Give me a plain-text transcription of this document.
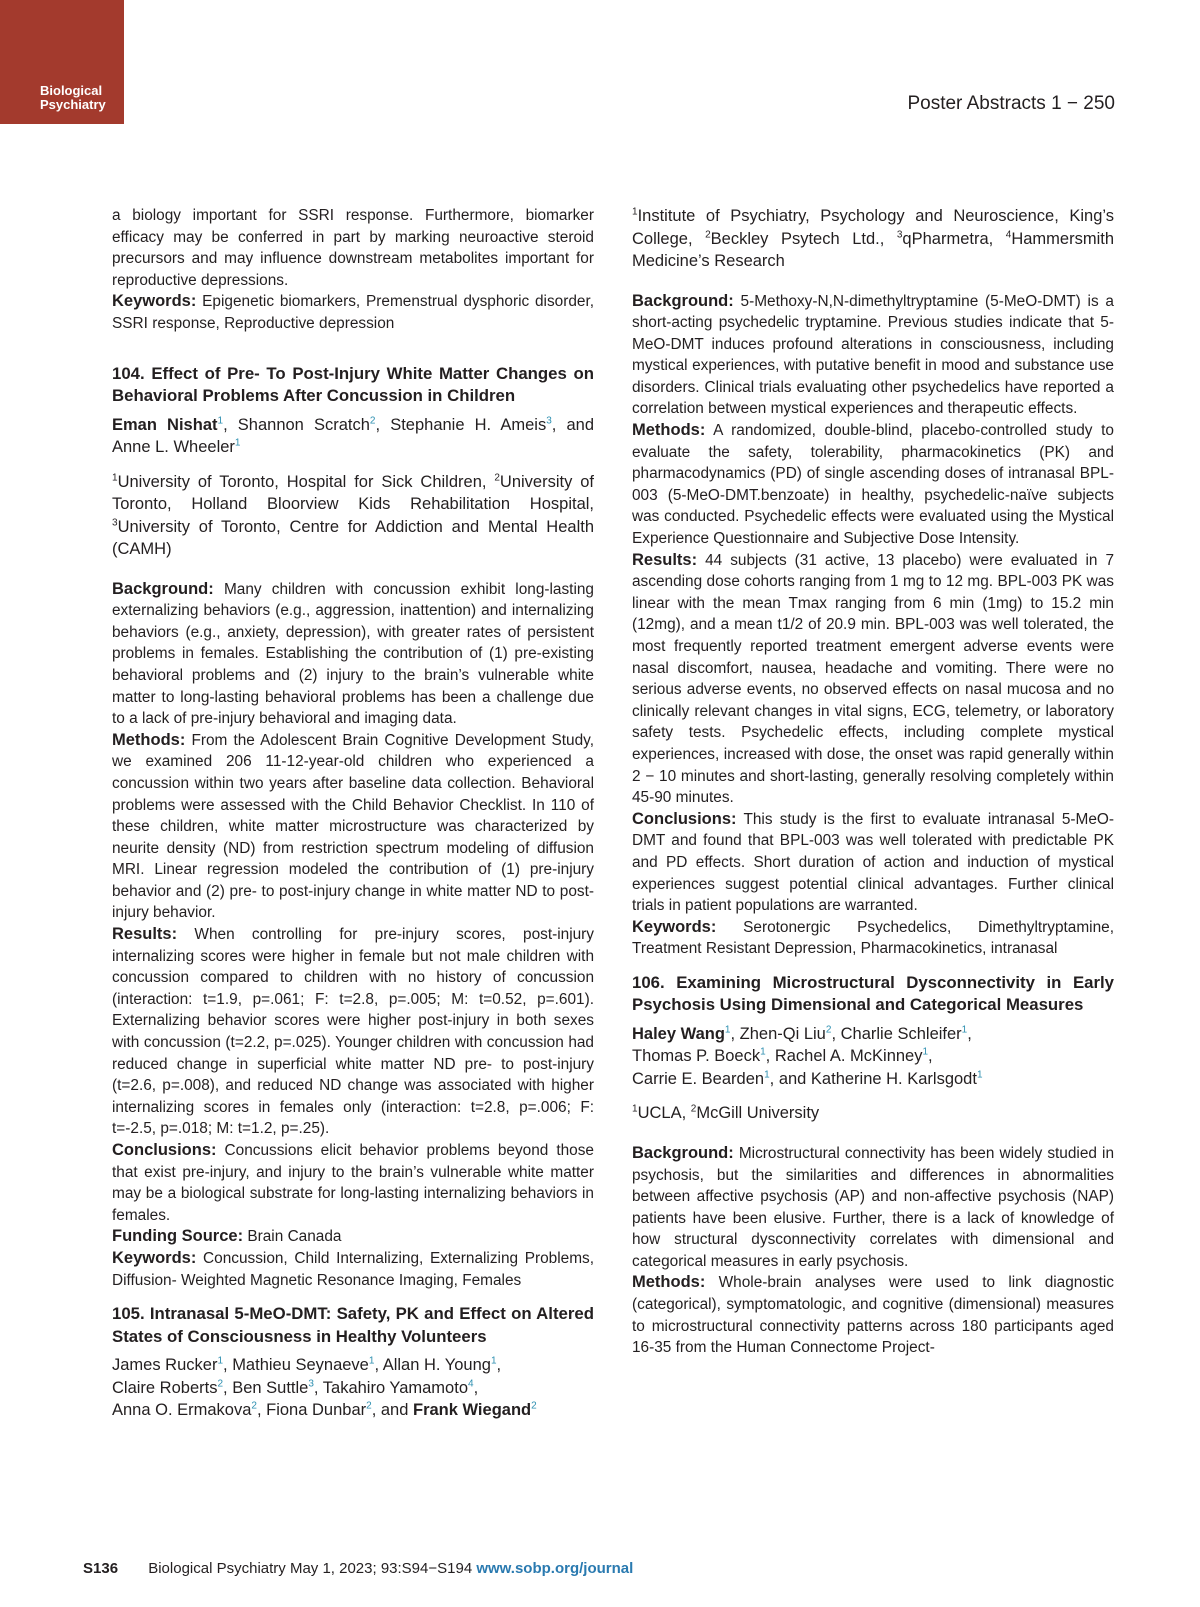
Biological
Psychiatry	Poster Abstracts 1 − 250

a biology important for SSRI response. Furthermore, biomarker efficacy may be conferred in part by marking neuroactive steroid precursors and may influence downstream metabolites important for reproductive depressions.

Keywords: Epigenetic biomarkers, Premenstrual dysphoric disorder, SSRI response, Reproductive depression

104. Effect of Pre- To Post-Injury White Matter Changes on Behavioral Problems After Concussion in Children

Eman Nishat$^1$, Shannon Scratch$^2$, Stephanie H. Ameis$^3$, and Anne L. Wheeler$^1$

$^1$University of Toronto, Hospital for Sick Children, $^2$University of Toronto, Holland Bloorview Kids Rehabilitation Hospital, $^3$University of Toronto, Centre for Addiction and Mental Health (CAMH)

Background: Many children with concussion exhibit long-lasting externalizing behaviors (e.g., aggression, inattention) and internalizing behaviors (e.g., anxiety, depression), with greater rates of persistent problems in females. Establishing the contribution of (1) pre-existing behavioral problems and (2) injury to the brain’s vulnerable white matter to long-lasting behavioral problems has been a challenge due to a lack of pre-injury behavioral and imaging data.

Methods: From the Adolescent Brain Cognitive Development Study, we examined 206 11-12-year-old children who experienced a concussion within two years after baseline data collection. Behavioral problems were assessed with the Child Behavior Checklist. In 110 of these children, white matter microstructure was characterized by neurite density (ND) from restriction spectrum modeling of diffusion MRI. Linear regression modeled the contribution of (1) pre-injury behavior and (2) pre- to post-injury change in white matter ND to post-injury behavior.

Results: When controlling for pre-injury scores, post-injury internalizing scores were higher in female but not male children with concussion compared to children with no history of concussion (interaction: t=1.9, p=.061; F: t=2.8, p=.005; M: t=0.52, p=.601). Externalizing behavior scores were higher post-injury in both sexes with concussion (t=2.2, p=.025). Younger children with concussion had reduced change in superficial white matter ND pre- to post-injury (t=2.6, p=.008), and reduced ND change was associated with higher internalizing scores in females only (interaction: t=2.8, p=.006; F: t=-2.5, p=.018; M: t=1.2, p=.25).

Conclusions: Concussions elicit behavior problems beyond those that exist pre-injury, and injury to the brain’s vulnerable white matter may be a biological substrate for long-lasting internalizing behaviors in females.

Funding Source: Brain Canada

Keywords: Concussion, Child Internalizing, Externalizing Problems, Diffusion- Weighted Magnetic Resonance Imaging, Females

105. Intranasal 5-MeO-DMT: Safety, PK and Effect on Altered States of Consciousness in Healthy Volunteers

James Rucker$^1$, Mathieu Seynaeve$^1$, Allan H. Young$^1$,
Claire Roberts$^2$, Ben Suttle$^3$, Takahiro Yamamoto$^4$,
Anna O. Ermakova$^2$, Fiona Dunbar$^2$, and Frank Wiegand$^2$

$^1$Institute of Psychiatry, Psychology and Neuroscience, King’s College, $^2$Beckley Psytech Ltd., $^3$qPharmetra, $^4$Hammersmith Medicine’s Research

Background: 5-Methoxy-N,N-dimethyltryptamine (5-MeO-DMT) is a short-acting psychedelic tryptamine. Previous studies indicate that 5-MeO-DMT induces profound alterations in consciousness, including mystical experiences, with putative benefit in mood and substance use disorders. Clinical trials evaluating other psychedelics have reported a correlation between mystical experiences and therapeutic effects.

Methods: A randomized, double-blind, placebo-controlled study to evaluate the safety, tolerability, pharmacokinetics (PK) and pharmacodynamics (PD) of single ascending doses of intranasal BPL-003 (5-MeO-DMT.benzoate) in healthy, psychedelic-naïve subjects was conducted. Psychedelic effects were evaluated using the Mystical Experience Questionnaire and Subjective Dose Intensity.

Results: 44 subjects (31 active, 13 placebo) were evaluated in 7 ascending dose cohorts ranging from 1 mg to 12 mg. BPL-003 PK was linear with the mean Tmax ranging from 6 min (1mg) to 15.2 min (12mg), and a mean t1/2 of 20.9 min. BPL-003 was well tolerated, the most frequently reported treatment emergent adverse events were nasal discomfort, nausea, headache and vomiting. There were no serious adverse events, no observed effects on nasal mucosa and no clinically relevant changes in vital signs, ECG, telemetry, or laboratory safety tests. Psychedelic effects, including complete mystical experiences, increased with dose, the onset was rapid generally within 2 − 10 minutes and short-lasting, generally resolving completely within 45-90 minutes.

Conclusions: This study is the first to evaluate intranasal 5-MeO-DMT and found that BPL-003 was well tolerated with predictable PK and PD effects. Short duration of action and induction of mystical experiences suggest potential clinical advantages. Further clinical trials in patient populations are warranted.

Keywords: Serotonergic Psychedelics, Dimethyltryptamine, Treatment Resistant Depression, Pharmacokinetics, intranasal

106. Examining Microstructural Dysconnectivity in Early Psychosis Using Dimensional and Categorical Measures

Haley Wang$^1$, Zhen-Qi Liu$^2$, Charlie Schleifer$^1$,
Thomas P. Boeck$^1$, Rachel A. McKinney$^1$,
Carrie E. Bearden$^1$, and Katherine H. Karlsgodt$^1$

$^1$UCLA, $^2$McGill University

Background: Microstructural connectivity has been widely studied in psychosis, but the similarities and differences in abnormalities between affective psychosis (AP) and non-affective psychosis (NAP) patients have been elusive. Further, there is a lack of knowledge of how structural dysconnectivity correlates with dimensional and categorical measures in early psychosis.

Methods: Whole-brain analyses were used to link diagnostic (categorical), symptomatologic, and cognitive (dimensional) measures to microstructural connectivity patterns across 180 participants aged 16-35 from the Human Connectome Project-

S136 Biological Psychiatry May 1, 2023; 93:S94−S194 www.sobp.org/journal
